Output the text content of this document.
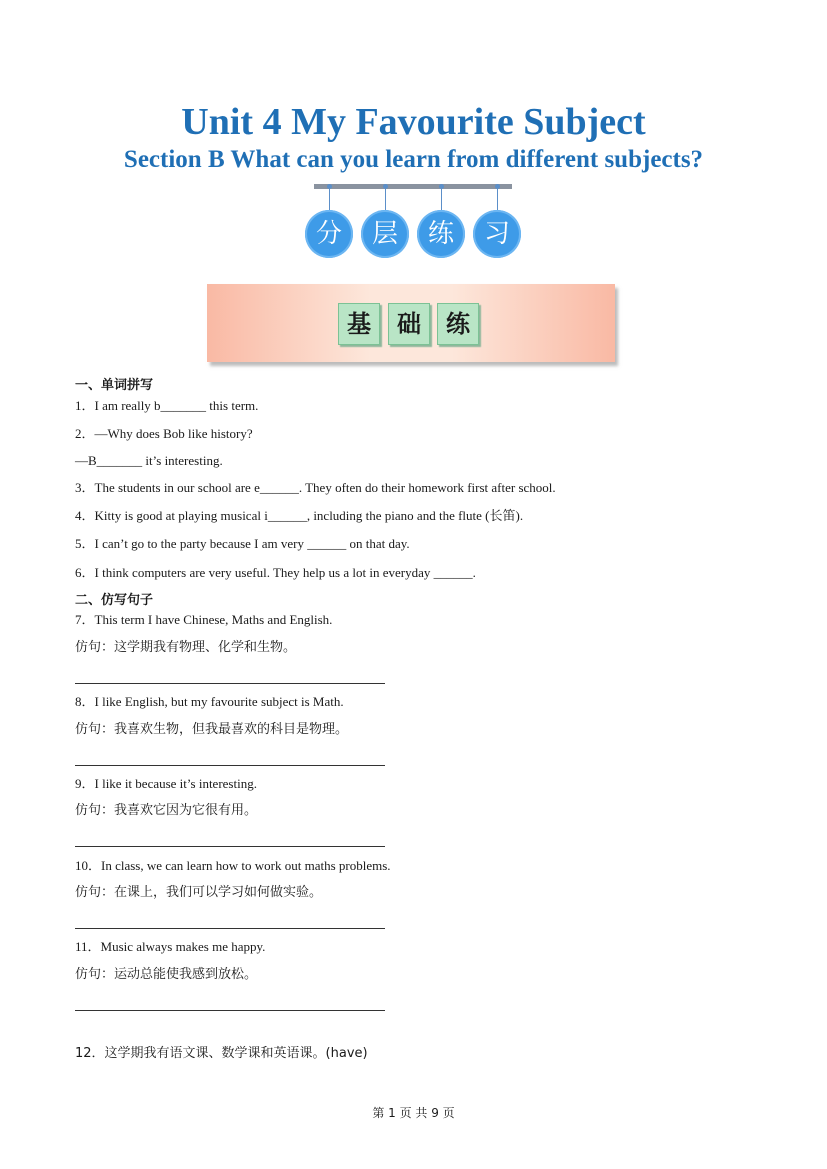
Unit 4 My Favourite Subject
Section B What can you learn from different subjects?
分	层	练	习
基	础	练
一、单词拼写
1．I am really b_______ this term.
2．—Why does Bob like history?
—B_______ it’s interesting.
3．The students in our school are e______. They often do their homework first after school.
4．Kitty is good at playing musical i______, including the piano and the flute (长笛).
5．I can’t go to the party because I am very ______ on that day.
6．I think computers are very useful. They help us a lot in everyday ______.
二、仿写句子
7．This term I have Chinese, Maths and English.
仿句：这学期我有物理、化学和生物。
8．I like English, but my favourite subject is Math.
仿句：我喜欢生物，但我最喜欢的科目是物理。
9．I like it because it’s interesting.
仿句：我喜欢它因为它很有用。
10．In class, we can learn how to work out maths problems.
仿句：在课上，我们可以学习如何做实验。
11．Music always makes me happy.
仿句：运动总能使我感到放松。
12．这学期我有语文课、数学课和英语课。(have)
第 1 页 共 9 页
